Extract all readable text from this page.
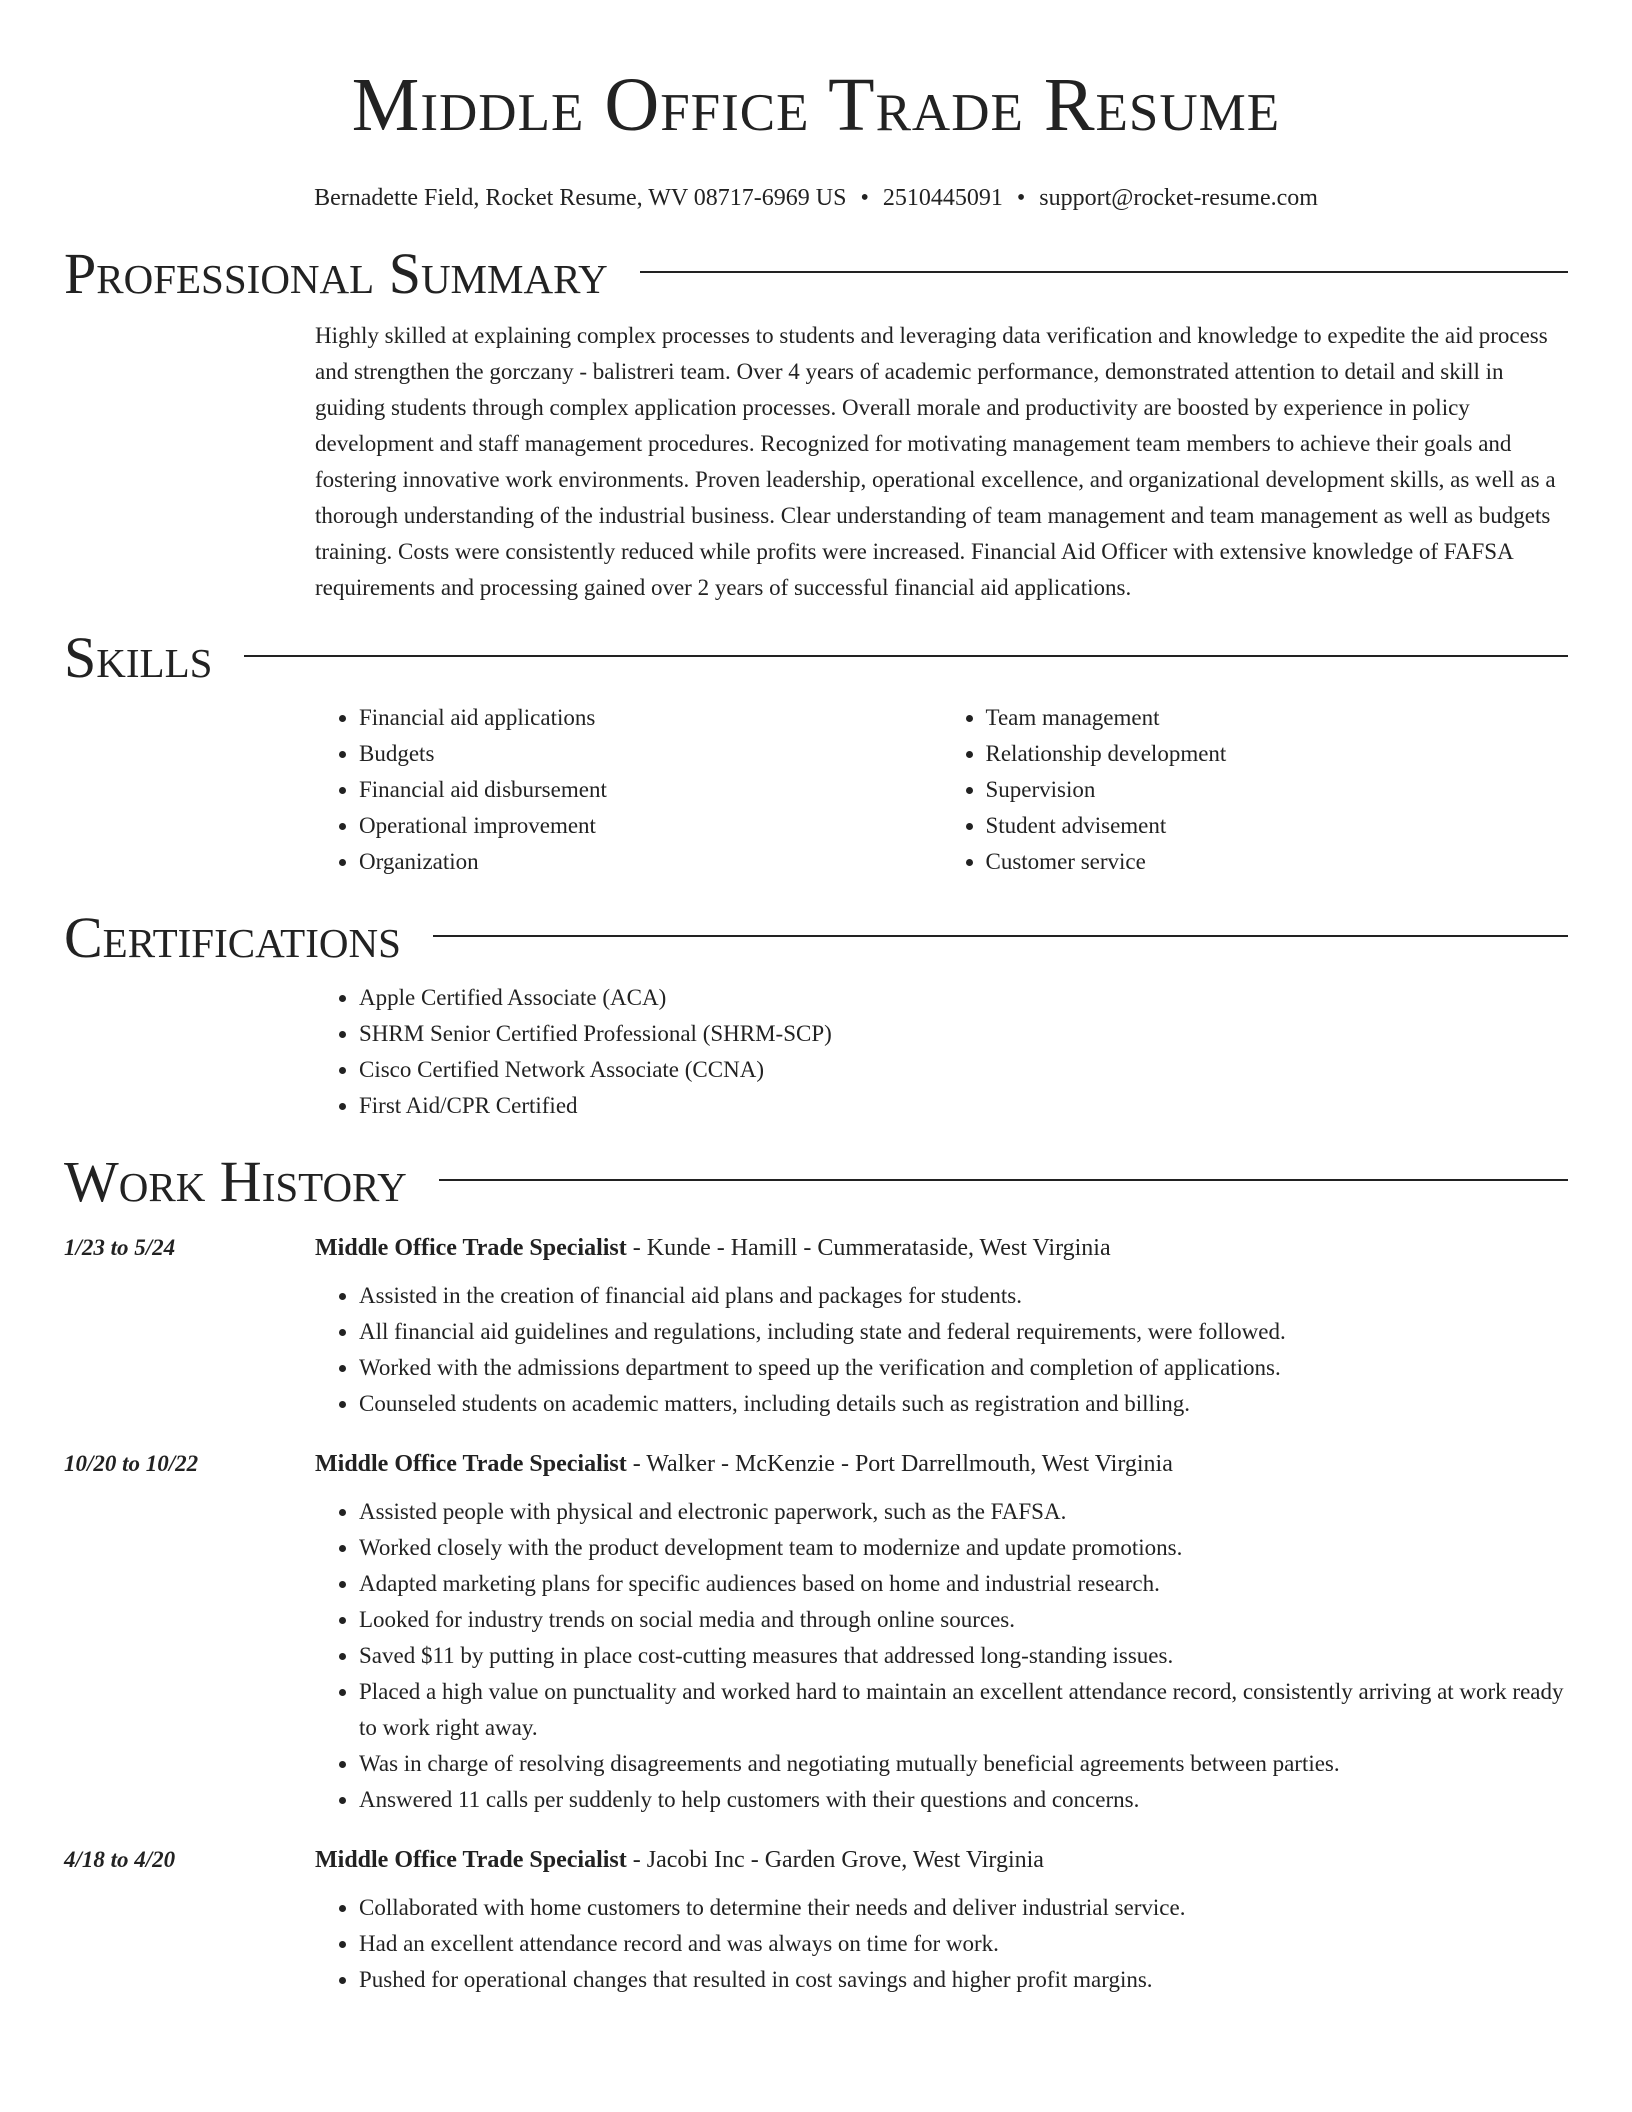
Middle Office Trade Resume
Bernadette Field, Rocket Resume, WV 08717-6969 US • 2510445091 • support@rocket-resume.com
Professional Summary
Highly skilled at explaining complex processes to students and leveraging data verification and knowledge to expedite the aid process and strengthen the gorczany - balistreri team. Over 4 years of academic performance, demonstrated attention to detail and skill in guiding students through complex application processes. Overall morale and productivity are boosted by experience in policy development and staff management procedures. Recognized for motivating management team members to achieve their goals and fostering innovative work environments. Proven leadership, operational excellence, and organizational development skills, as well as a thorough understanding of the industrial business. Clear understanding of team management and team management as well as budgets training. Costs were consistently reduced while profits were increased. Financial Aid Officer with extensive knowledge of FAFSA requirements and processing gained over 2 years of successful financial aid applications.
Skills
• Financial aid applications
• Budgets
• Financial aid disbursement
• Operational improvement
• Organization
• Team management
• Relationship development
• Supervision
• Student advisement
• Customer service
Certifications
• Apple Certified Associate (ACA)
• SHRM Senior Certified Professional (SHRM-SCP)
• Cisco Certified Network Associate (CCNA)
• First Aid/CPR Certified
Work History
1/23 to 5/24	Middle Office Trade Specialist - Kunde - Hamill - Cummerataside, West Virginia
• Assisted in the creation of financial aid plans and packages for students.
• All financial aid guidelines and regulations, including state and federal requirements, were followed.
• Worked with the admissions department to speed up the verification and completion of applications.
• Counseled students on academic matters, including details such as registration and billing.
10/20 to 10/22	Middle Office Trade Specialist - Walker - McKenzie - Port Darrellmouth, West Virginia
• Assisted people with physical and electronic paperwork, such as the FAFSA.
• Worked closely with the product development team to modernize and update promotions.
• Adapted marketing plans for specific audiences based on home and industrial research.
• Looked for industry trends on social media and through online sources.
• Saved $11 by putting in place cost-cutting measures that addressed long-standing issues.
• Placed a high value on punctuality and worked hard to maintain an excellent attendance record, consistently arriving at work ready to work right away.
• Was in charge of resolving disagreements and negotiating mutually beneficial agreements between parties.
• Answered 11 calls per suddenly to help customers with their questions and concerns.
4/18 to 4/20	Middle Office Trade Specialist - Jacobi Inc - Garden Grove, West Virginia
• Collaborated with home customers to determine their needs and deliver industrial service.
• Had an excellent attendance record and was always on time for work.
• Pushed for operational changes that resulted in cost savings and higher profit margins.
